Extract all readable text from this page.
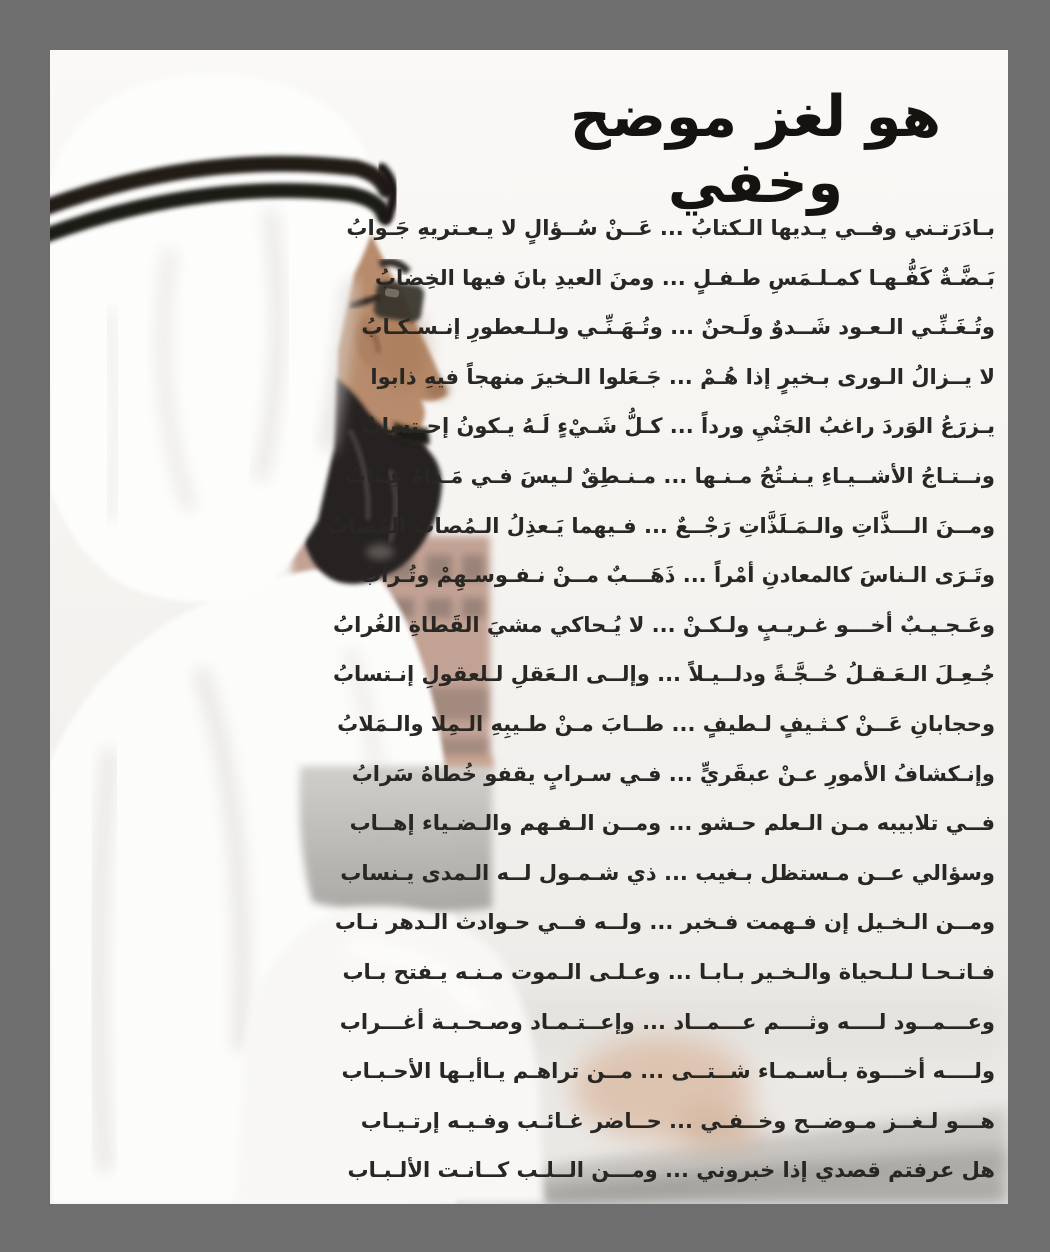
هو لغز موضح وخفي
بـادَرَتـني وفــي يـديها الـكتابُ ... عَــنْ سُــؤالٍ لا يـعـتريهِ جَـوابُ
بَـضَّـةٌ كَفُّـهـا كمـلـمَسِ طـفـلٍ ... ومنَ العيدِ بانَ فيها الخِضابُ
وتُـغَـنِّـي الـعـود شَــدوٌ ولَـحنٌ ... وتُـهَـنِّـي ولـلـعطورِ إنـسـكـابُ
لا يــزالُ الـورى بـخيرٍ إذا هُـمْ ... جَـعَلوا الـخيرَ منهجاً فيهِ ذابوا
يـزرَعُ الوَردَ راغبُ الجَنْيِ ورداً ... كـلُّ شَـيْءٍ لَـهُ يـكونُ إحـتسابُ
ونــتـاجُ الأشــيـاءِ يـنـتُجُ مـنـها ... مـنـطِقٌ لـيسَ فـي مَـداهُ عِـتابُ
ومــنَ الـــذَّاتِ والـمَـلَذَّاتِ رَجْــعٌ ... فـيهما يَـعذِلُ الـمُصابَ المُصابُ
وتَـرَى الـناسَ كالمعادنِ أمْراً ... ذَهَـــبٌ مــنْ نـفـوسـهِمْ وتُـرابُ
وعَـجـيـبٌ أخـــو غـريـبٍ ولـكـنْ ... لا يُـحاكي مشيَ القَطاةِ الغُرابُ
جُـعِـلَ الـعَـقـلُ حُــجَّـةً ودلــيـلاً ... وإلــى الـعَقلِ لـلعقولِ إنـتسابُ
وحجابانِ عَــنْ كـثـيفٍ لـطيفٍ ... طــابَ مـنْ طـيبِهِ الـمِلا والـمَلابُ
وإنـكشافُ الأمورِ عـنْ عبقَريٍّ ... فـي سـرابٍ يقفو خُطاهُ سَرابُ
فــي تلابيبه مـن الـعلم حـشو ... ومــن الـفـهم والـضـياء إهــاب
وسؤالي عــن مـستظل بـغيب ... ذي شـمـول لــه الـمدى يـنساب
ومــن الـخـيل إن فـهمت فـخبر ... ولــه فــي حـوادث الـدهر نـاب
فـاتـحـا لـلـحياة والـخـير بـابـا ... وعـلـى الـموت مـنـه يـفتح بـاب
وعـــمــود لــــه وثــــم عـــمــاد ... وإعــتـمـاد وصـحـبـة أغـــراب
ولــــه أخـــوة بـأسـمـاء شــتــى ... مــن تراهـم يـاأيـها الأحـبـاب
هـــو لـغــز مـوضــح وخــفـي ... حــاضر غـائـب وفـيـه إرتـيـاب
هل عرفتم قصدي إذا خبروني ... ومـــن الــلـب كــانـت الألـبـاب
